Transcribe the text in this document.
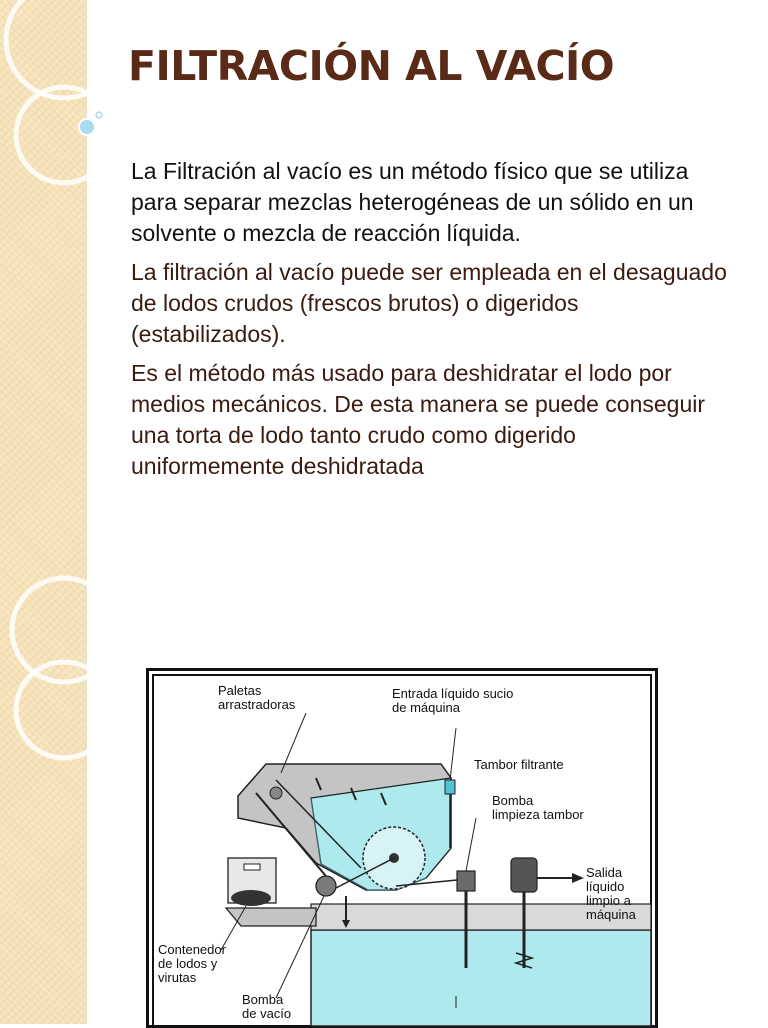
FILTRACIÓN AL VACÍO

La Filtración al vacío es un método físico que se utiliza para separar mezclas heterogéneas de un sólido en un solvente o mezcla de reacción líquida.

La filtración al vacío puede ser empleada en el desaguado de lodos crudos (frescos brutos) o digeridos (estabilizados).

Es el método más usado para deshidratar el lodo por medios mecánicos. De esta manera se puede conseguir una torta de lodo tanto crudo como digerido uniformemente deshidratada

Paletas
arrastradoras
Entrada líquido sucio
de máquina
Tambor filtrante
Bomba
limpieza tambor
Salida
líquido
limpio a
máquina
Contenedor
de lodos y
virutas
Bomba
de vacío
